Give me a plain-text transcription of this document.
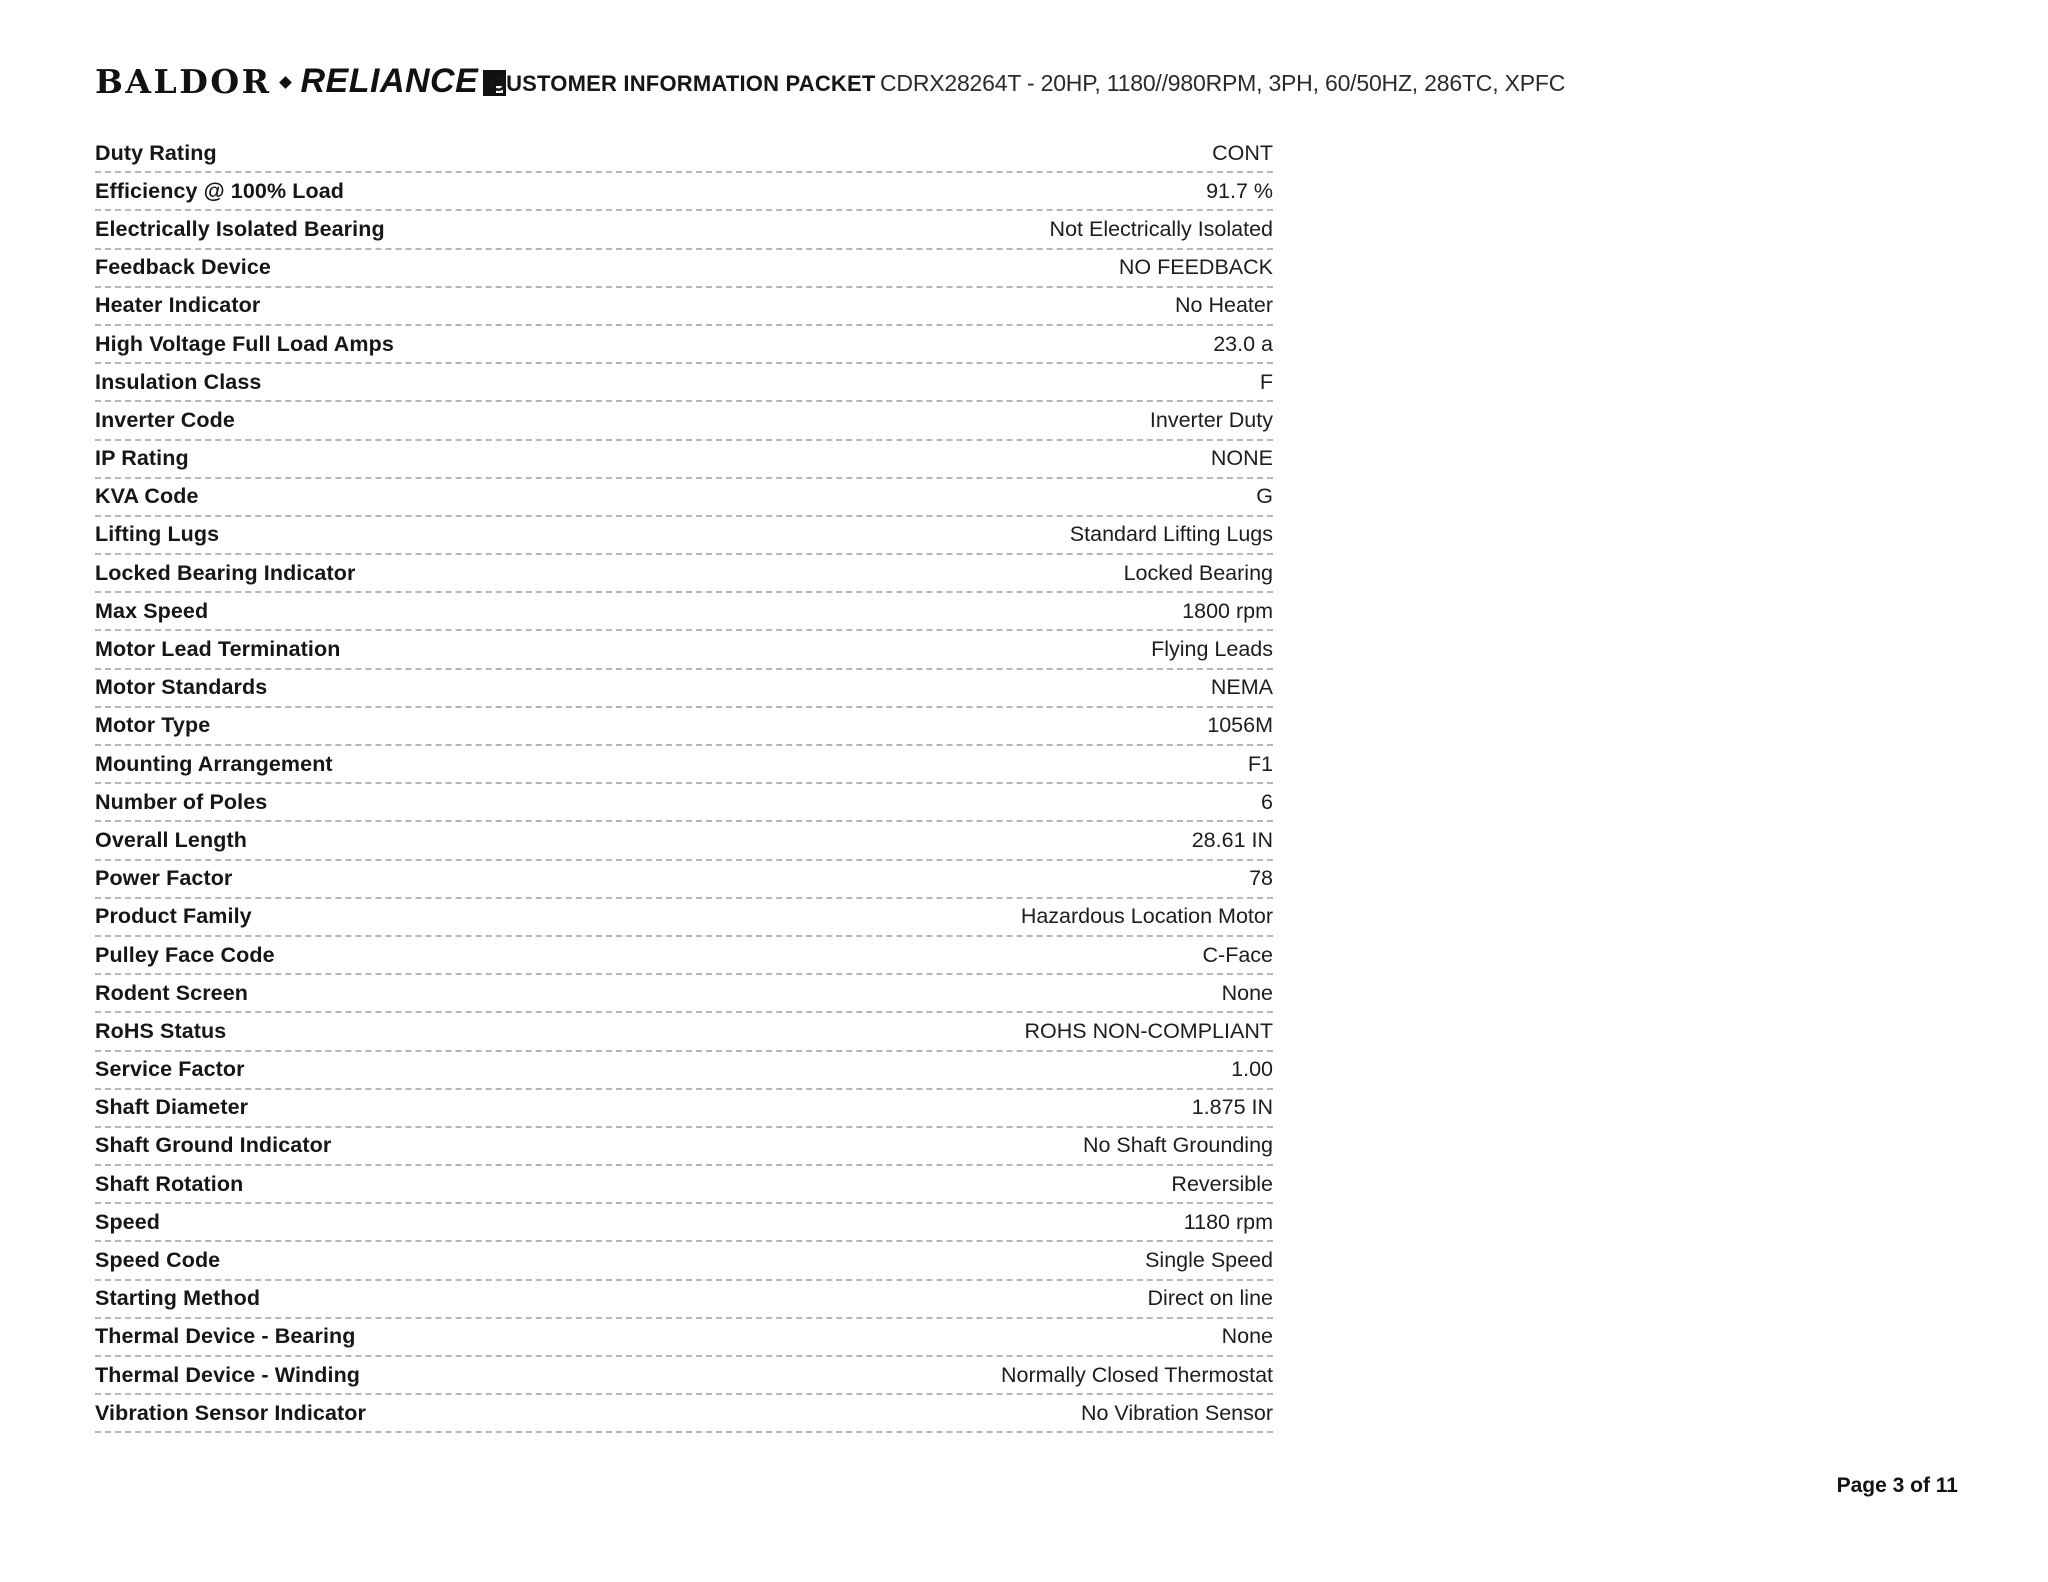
BALDOR RELIANCE CUSTOMER INFORMATION PACKET CDRX28264T - 20HP, 1180//980RPM, 3PH, 60/50HZ, 286TC, XPFC
Duty Rating	CONT
Efficiency @ 100% Load	91.7 %
Electrically Isolated Bearing	Not Electrically Isolated
Feedback Device	NO FEEDBACK
Heater Indicator	No Heater
High Voltage Full Load Amps	23.0 a
Insulation Class	F
Inverter Code	Inverter Duty
IP Rating	NONE
KVA Code	G
Lifting Lugs	Standard Lifting Lugs
Locked Bearing Indicator	Locked Bearing
Max Speed	1800 rpm
Motor Lead Termination	Flying Leads
Motor Standards	NEMA
Motor Type	1056M
Mounting Arrangement	F1
Number of Poles	6
Overall Length	28.61 IN
Power Factor	78
Product Family	Hazardous Location Motor
Pulley Face Code	C-Face
Rodent Screen	None
RoHS Status	ROHS NON-COMPLIANT
Service Factor	1.00
Shaft Diameter	1.875 IN
Shaft Ground Indicator	No Shaft Grounding
Shaft Rotation	Reversible
Speed	1180 rpm
Speed Code	Single Speed
Starting Method	Direct on line
Thermal Device - Bearing	None
Thermal Device - Winding	Normally Closed Thermostat
Vibration Sensor Indicator	No Vibration Sensor
Page 3 of 11
